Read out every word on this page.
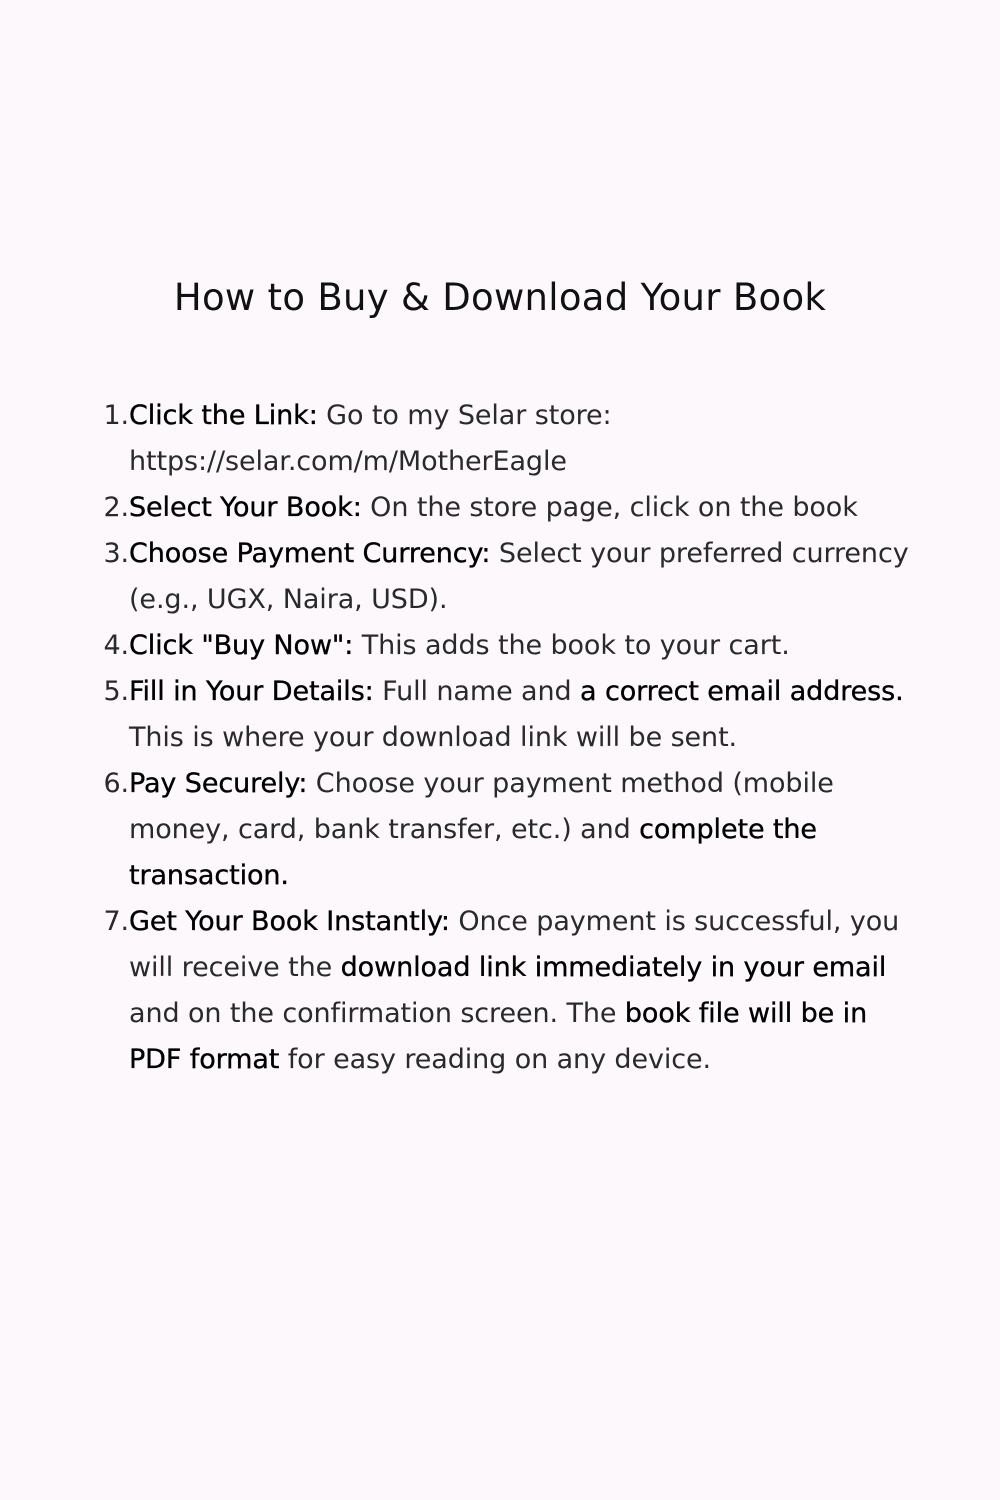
How to Buy & Download Your Book
1. Click the Link: Go to my Selar store: https://selar.com/m/MotherEagle
2. Select Your Book: On the store page, click on the book
3. Choose Payment Currency: Select your preferred currency (e.g., UGX, Naira, USD).
4. Click "Buy Now": This adds the book to your cart.
5. Fill in Your Details: Full name and a correct email address. This is where your download link will be sent.
6. Pay Securely: Choose your payment method (mobile money, card, bank transfer, etc.) and complete the transaction.
7. Get Your Book Instantly: Once payment is successful, you will receive the download link immediately in your email and on the confirmation screen. The book file will be in PDF format for easy reading on any device.
